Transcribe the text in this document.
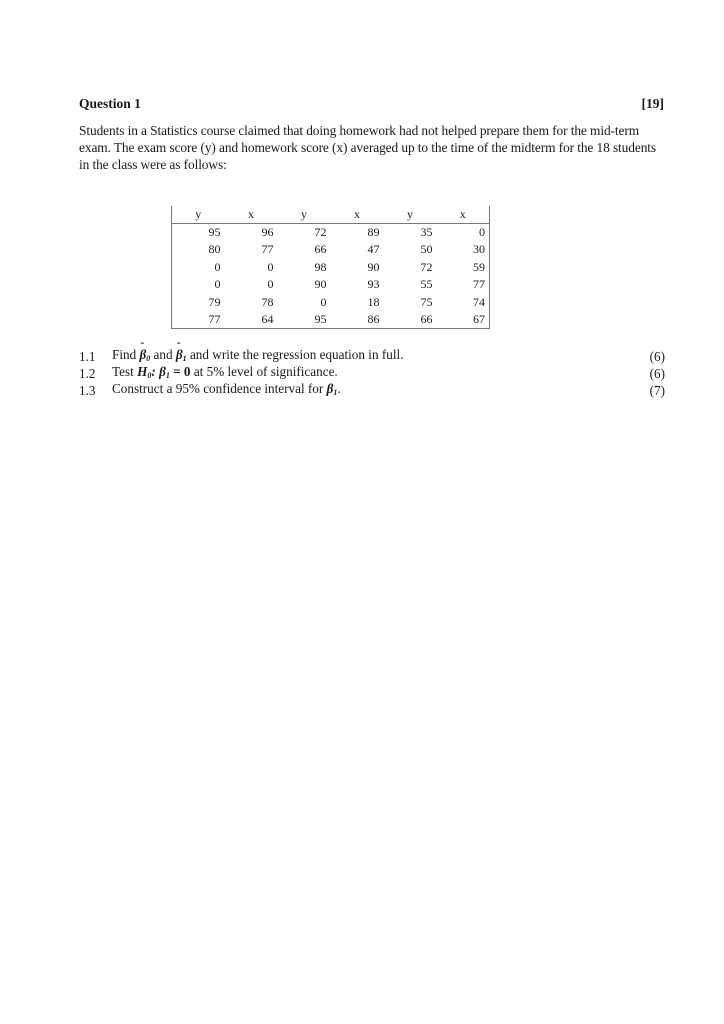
Question 1	[19]
Students in a Statistics course claimed that doing homework had not helped prepare them for the mid-term exam. The exam score (y) and homework score (x) averaged up to the time of the midterm for the 18 students in the class were as follows:
y	x	y	x	y	x
95	96	72	89	35	0
80	77	66	47	50	30
0	0	98	90	72	59
0	0	90	93	55	77
79	78	0	18	75	74
77	64	95	86	66	67
1.1	Find ˆ $\beta_0$ and ˆ $\beta_1$ and write the regression equation in full.	(6)
1.2	Test $H_0$: $\beta_1 = 0$ at 5% level of significance.	(6)
1.3	Construct a 95% confidence interval for $\beta_1$.	(7)
